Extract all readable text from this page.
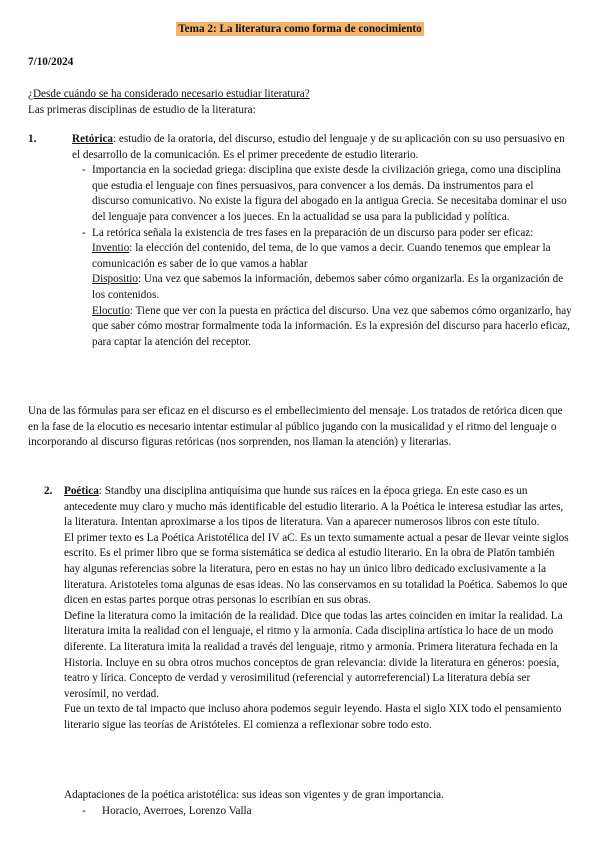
Tema 2: La literatura como forma de conocimiento
7/10/2024
¿Desde cuándo se ha considerado necesario estudiar literatura?
Las primeras disciplinas de estudio de la literatura:
1.	Retórica: estudio de la oratoria, del discurso, estudio del lenguaje y de su aplicación con su uso persuasivo en el desarrollo de la comunicación. Es el primer precedente de estudio literario.
- Importancia en la sociedad griega: disciplina que existe desde la civilización griega, como una disciplina que estudia el lenguaje con fines persuasivos, para convencer a los demás. Da instrumentos para el discurso comunicativo. No existe la figura del abogado en la antigua Grecia. Se necesitaba dominar el uso del lenguaje para convencer a los jueces. En la actualidad se usa para la publicidad y política.
- La retórica señala la existencia de tres fases en la preparación de un discurso para poder ser eficaz:
Inventio: la elección del contenido, del tema, de lo que vamos a decir. Cuando tenemos que emplear la comunicación es saber de lo que vamos a hablar
Dispositio: Una vez que sabemos la información, debemos saber cómo organizarla. Es la organización de los contenidos.
Elocutio: Tiene que ver con la puesta en práctica del discurso. Una vez que sabemos cómo organizarlo, hay que saber cómo mostrar formalmente toda la información. Es la expresión del discurso para hacerlo eficaz, para captar la atención del receptor.
Una de las fórmulas para ser eficaz en el discurso es el embellecimiento del mensaje. Los tratados de retórica dicen que en la fase de la elocutio es necesario intentar estimular al público jugando con la musicalidad y el ritmo del lenguaje o incorporando al discurso figuras retóricas (nos sorprenden, nos llaman la atención) y literarias.
2. Poética: Standby una disciplina antiquísima que hunde sus raíces en la época griega. En este caso es un antecedente muy claro y mucho más identificable del estudio literario. A la Poética le interesa estudiar las artes, la literatura. Intentan aproximarse a los tipos de literatura. Van a aparecer numerosos libros con este título.
El primer texto es La Poética Aristotélica del IV aC. Es un texto sumamente actual a pesar de llevar veinte siglos escrito. Es el primer libro que se forma sistemática se dedica al estudio literario. En la obra de Platón también hay algunas referencias sobre la literatura, pero en estas no hay un único libro dedicado exclusivamente a la literatura. Aristoteles toma algunas de esas ideas. No las conservamos en su totalidad la Poética. Sabemos lo que dicen en estas partes porque otras personas lo escribían en sus obras.
Define la literatura como la imitación de la realidad. Dice que todas las artes coinciden en imitar la realidad. La literatura imita la realidad con el lenguaje, el ritmo y la armonía. Cada disciplina artística lo hace de un modo diferente. La literatura imita la realidad a través del lenguaje, ritmo y armonía. Primera literatura fechada en la Historia. Incluye en su obra otros muchos conceptos de gran relevancia: divide la literatura en géneros: poesía, teatro y lírica. Concepto de verdad y verosimilitud (referencial y autorreferencial) La literatura debía ser verosímil, no verdad.
Fue un texto de tal impacto que incluso ahora podemos seguir leyendo. Hasta el siglo XIX todo el pensamiento literario sigue las teorías de Aristóteles. El comienza a reflexionar sobre todo esto.
Adaptaciones de la poética aristotélica: sus ideas son vigentes y de gran importancia.
- Horacio, Averroes, Lorenzo Valla
